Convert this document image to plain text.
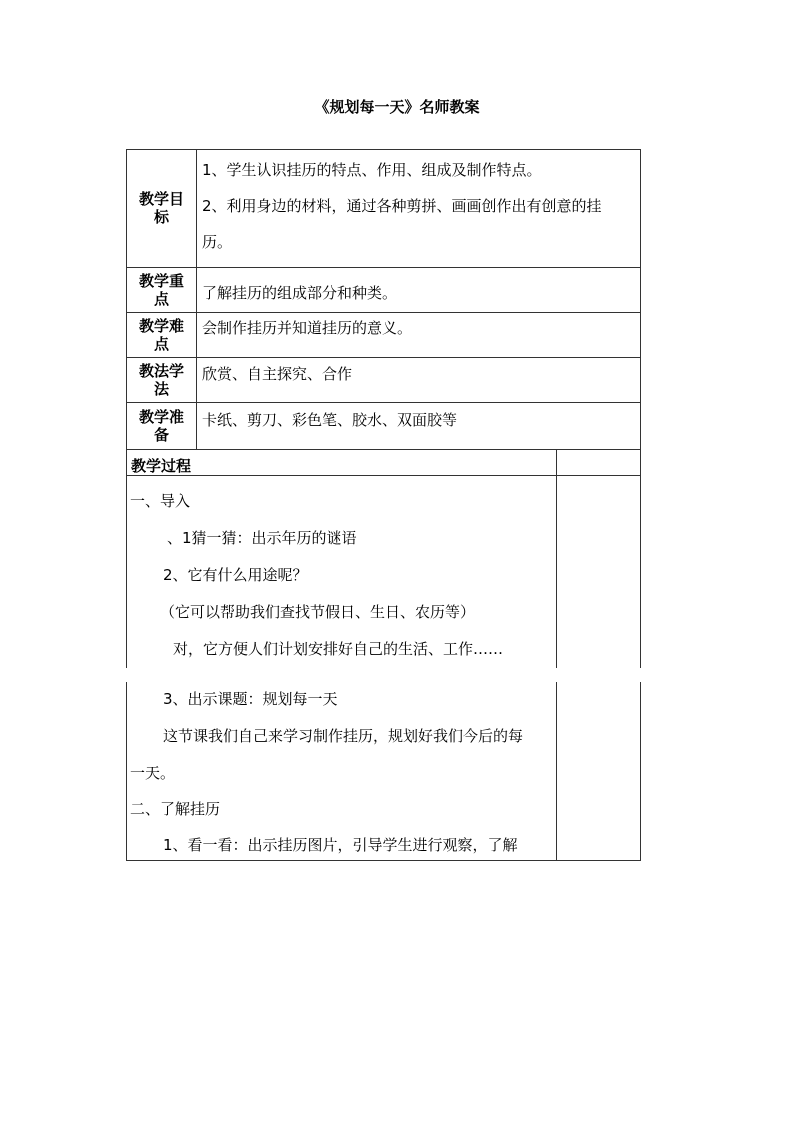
《规划每一天》名师教案
教学目
标
1、学生认识挂历的特点、作用、组成及制作特点。
2、利用身边的材料，通过各种剪拼、画画创作出有创意的挂
历。
教学重
点	了解挂历的组成部分和种类。
教学难
点
会制作挂历并知道挂历的意义。
教法学
法
欣赏、自主探究、合作
教学准
备
卡纸、剪刀、彩色笔、胶水、双面胶等
教学过程
一、导入
、1猜一猜：出示年历的谜语
2、它有什么用途呢？
（它可以帮助我们查找节假日、生日、农历等）
对，它方便人们计划安排好自己的生活、工作……
3、出示课题：规划每一天
这节课我们自己来学习制作挂历，规划好我们今后的每
一天。
二、了解挂历
1、看一看：出示挂历图片，引导学生进行观察，了解
